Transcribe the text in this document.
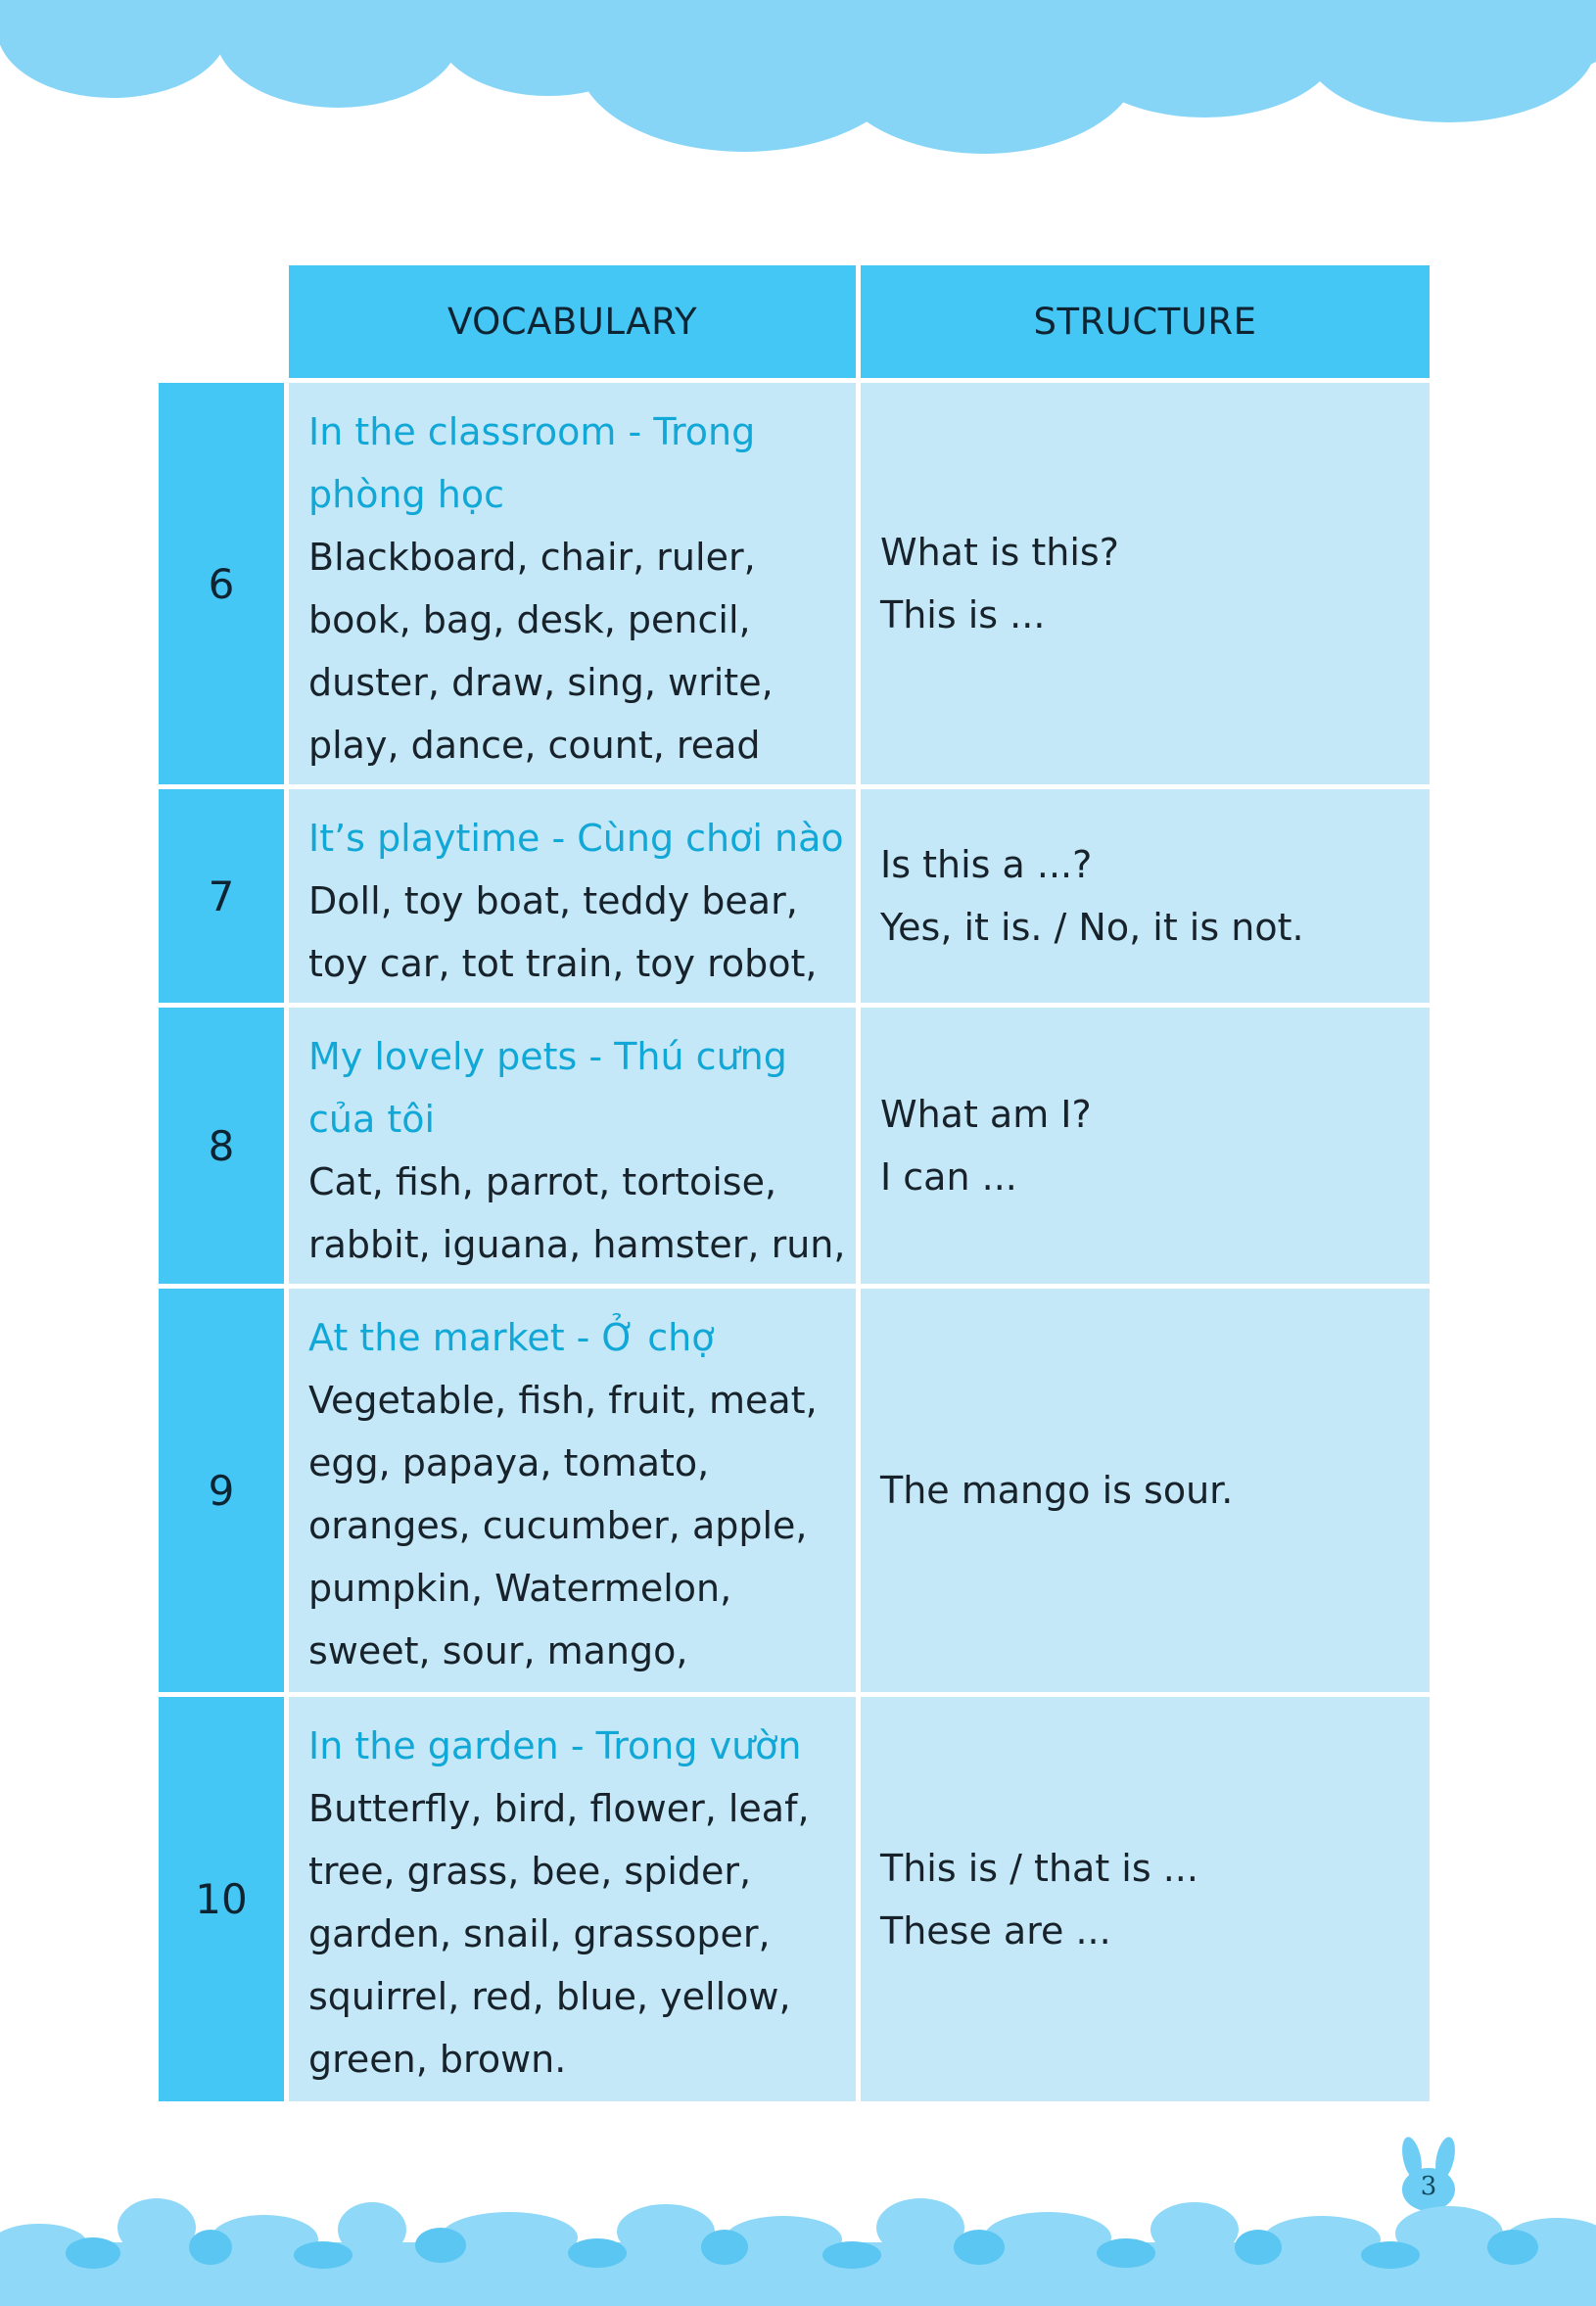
VOCABULARY	STRUCTURE
6
In the classroom - Trong phòng học
Blackboard, chair, ruler, book, bag, desk, pencil, duster, draw, sing, write, play, dance, count, read
What is this?
This is ...
7
It’s playtime - Cùng chơi nào
Doll, toy boat, teddy bear, toy car, tot train, toy robot,
Is this a ...?
Yes, it is. / No, it is not.
8
My lovely pets - Thú cưng của tôi
Cat, fish, parrot, tortoise, rabbit, iguana, hamster, run,
What am I?
I can ...
9
At the market - Ở chợ
Vegetable, fish, fruit, meat, egg, papaya, tomato, oranges, cucumber, apple, pumpkin, Watermelon, sweet, sour, mango,
The mango is sour.
10
In the garden - Trong vườn
Butterfly, bird, flower, leaf, tree, grass, bee, spider, garden, snail, grassoper, squirrel, red, blue, yellow, green, brown.
This is / that is ...
These are ...
3
